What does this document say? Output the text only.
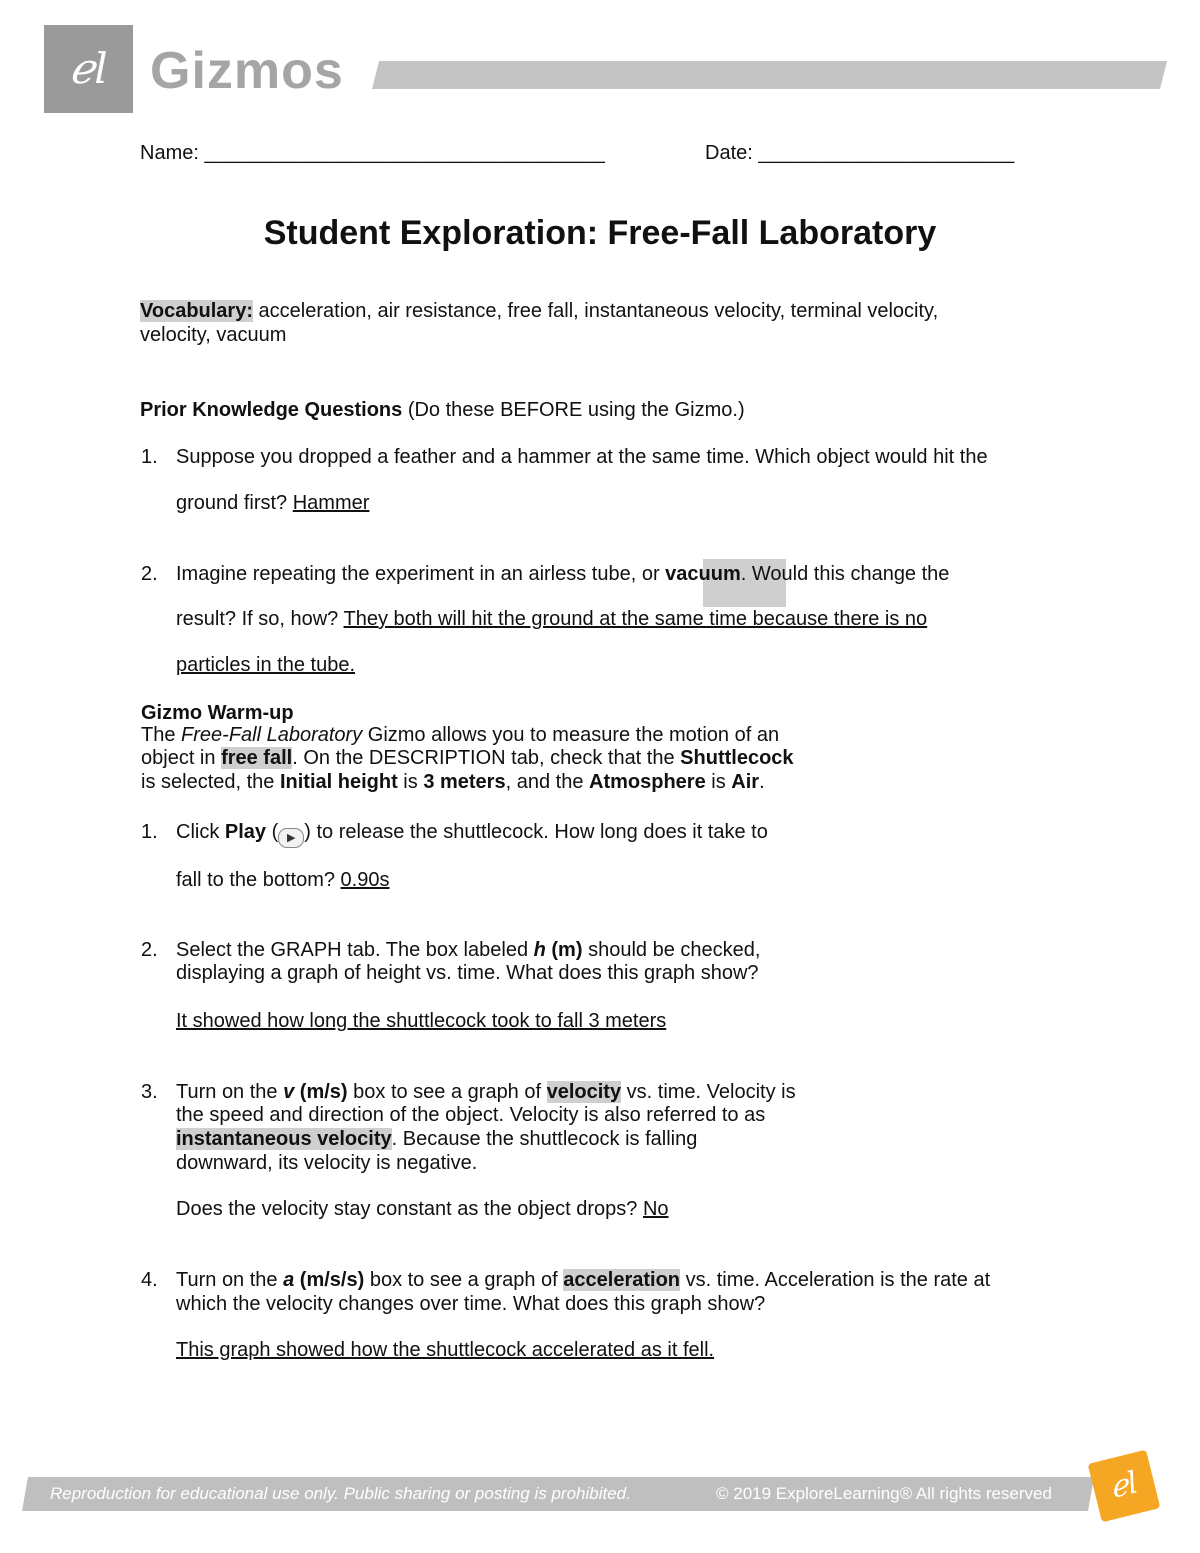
ℯl Gizmos
Name: ____________________________________	Date: _______________________
Student Exploration: Free-Fall Laboratory
Vocabulary: acceleration, air resistance, free fall, instantaneous velocity, terminal velocity,
velocity, vacuum
Prior Knowledge Questions (Do these BEFORE using the Gizmo.)
1. Suppose you dropped a feather and a hammer at the same time. Which object would hit the
ground first? Hammer
2. Imagine repeating the experiment in an airless tube, or vacuum. Would this change the
result? If so, how? They both will hit the ground at the same time because there is no
particles in the tube.
Gizmo Warm-up
The Free-Fall Laboratory Gizmo allows you to measure the motion of an
object in free fall. On the DESCRIPTION tab, check that the Shuttlecock
is selected, the Initial height is 3 meters, and the Atmosphere is Air.
1. Click Play ( ▶ ) to release the shuttlecock. How long does it take to
fall to the bottom? 0.90s
2. Select the GRAPH tab. The box labeled h (m) should be checked,
displaying a graph of height vs. time. What does this graph show?
It showed how long the shuttlecock took to fall 3 meters
3. Turn on the v (m/s) box to see a graph of velocity vs. time. Velocity is
the speed and direction of the object. Velocity is also referred to as
instantaneous velocity. Because the shuttlecock is falling
downward, its velocity is negative.
Does the velocity stay constant as the object drops? No
4. Turn on the a (m/s/s) box to see a graph of acceleration vs. time. Acceleration is the rate at
which the velocity changes over time. What does this graph show?
This graph showed how the shuttlecock accelerated as it fell.
Reproduction for educational use only. Public sharing or posting is prohibited.	© 2019 ExploreLearning® All rights reserved	ℯl
